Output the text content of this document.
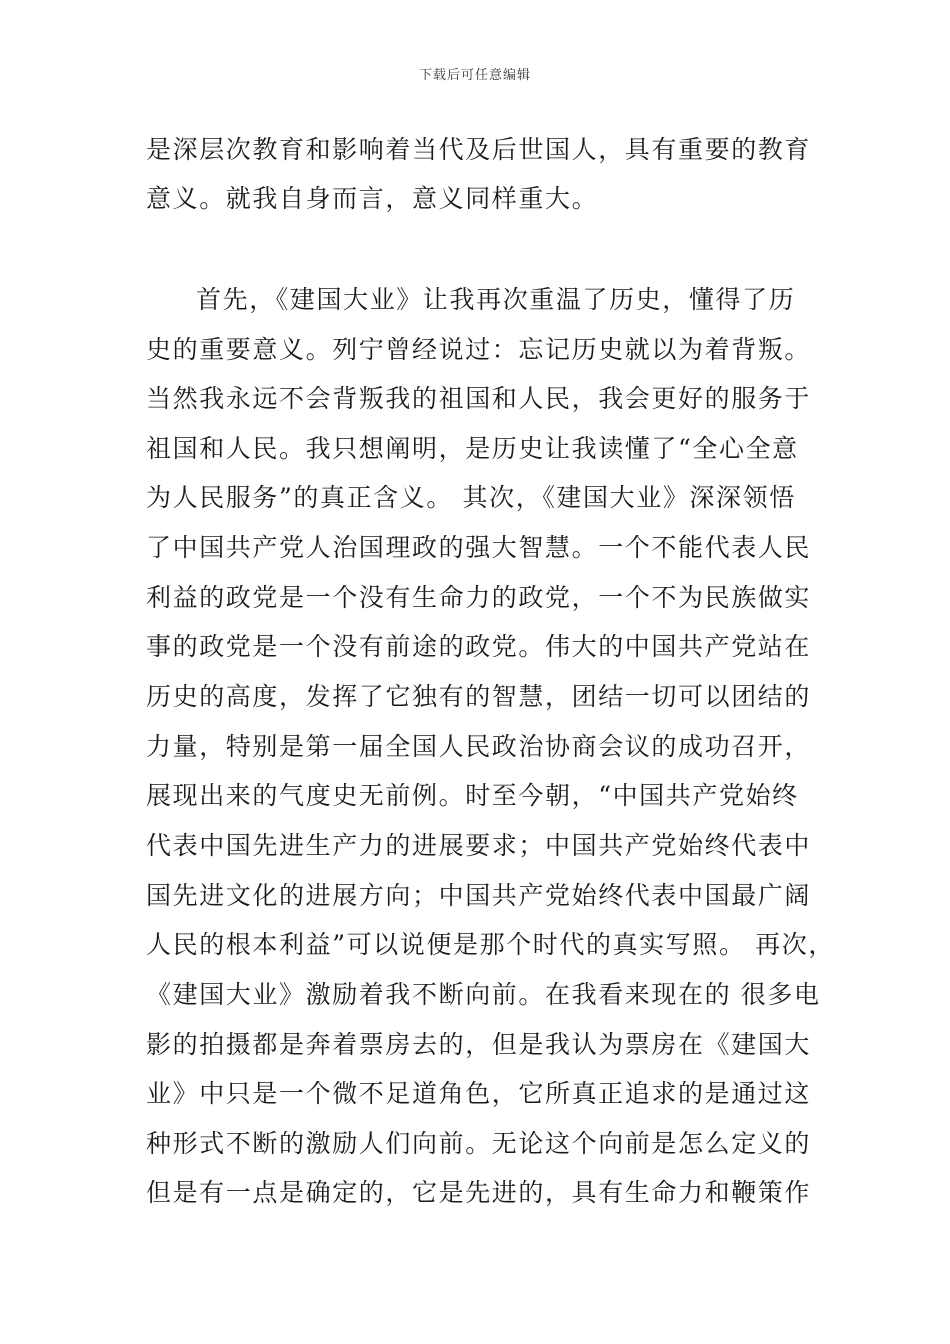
下载后可任意编辑
是深层次教育和影响着当代及后世国人，具有重要的教育
意义。就我自身而言，意义同样重大。
首先，《建国大业》让我再次重温了历史，懂得了历
史的重要意义。列宁曾经说过：忘记历史就以为着背叛。
当然我永远不会背叛我的祖国和人民，我会更好的服务于
祖国和人民。我只想阐明，是历史让我读懂了“全心全意
为人民服务”的真正含义。 其次，《建国大业》深深领悟
了中国共产党人治国理政的强大智慧。一个不能代表人民
利益的政党是一个没有生命力的政党，一个不为民族做实
事的政党是一个没有前途的政党。伟大的中国共产党站在
历史的高度，发挥了它独有的智慧，团结一切可以团结的
力量，特别是第一届全国人民政治协商会议的成功召开，
展现出来的气度史无前例。时至今朝，“中国共产党始终
代表中国先进生产力的进展要求；中国共产党始终代表中
国先进文化的进展方向；中国共产党始终代表中国最广阔
人民的根本利益”可以说便是那个时代的真实写照。 再次，
《建国大业》激励着我不断向前。在我看来现在的 很多电
影的拍摄都是奔着票房去的，但是我认为票房在《建国大
业》中只是一个微不足道角色，它所真正追求的是通过这
种形式不断的激励人们向前。无论这个向前是怎么定义的
但是有一点是确定的，它是先进的，具有生命力和鞭策作
